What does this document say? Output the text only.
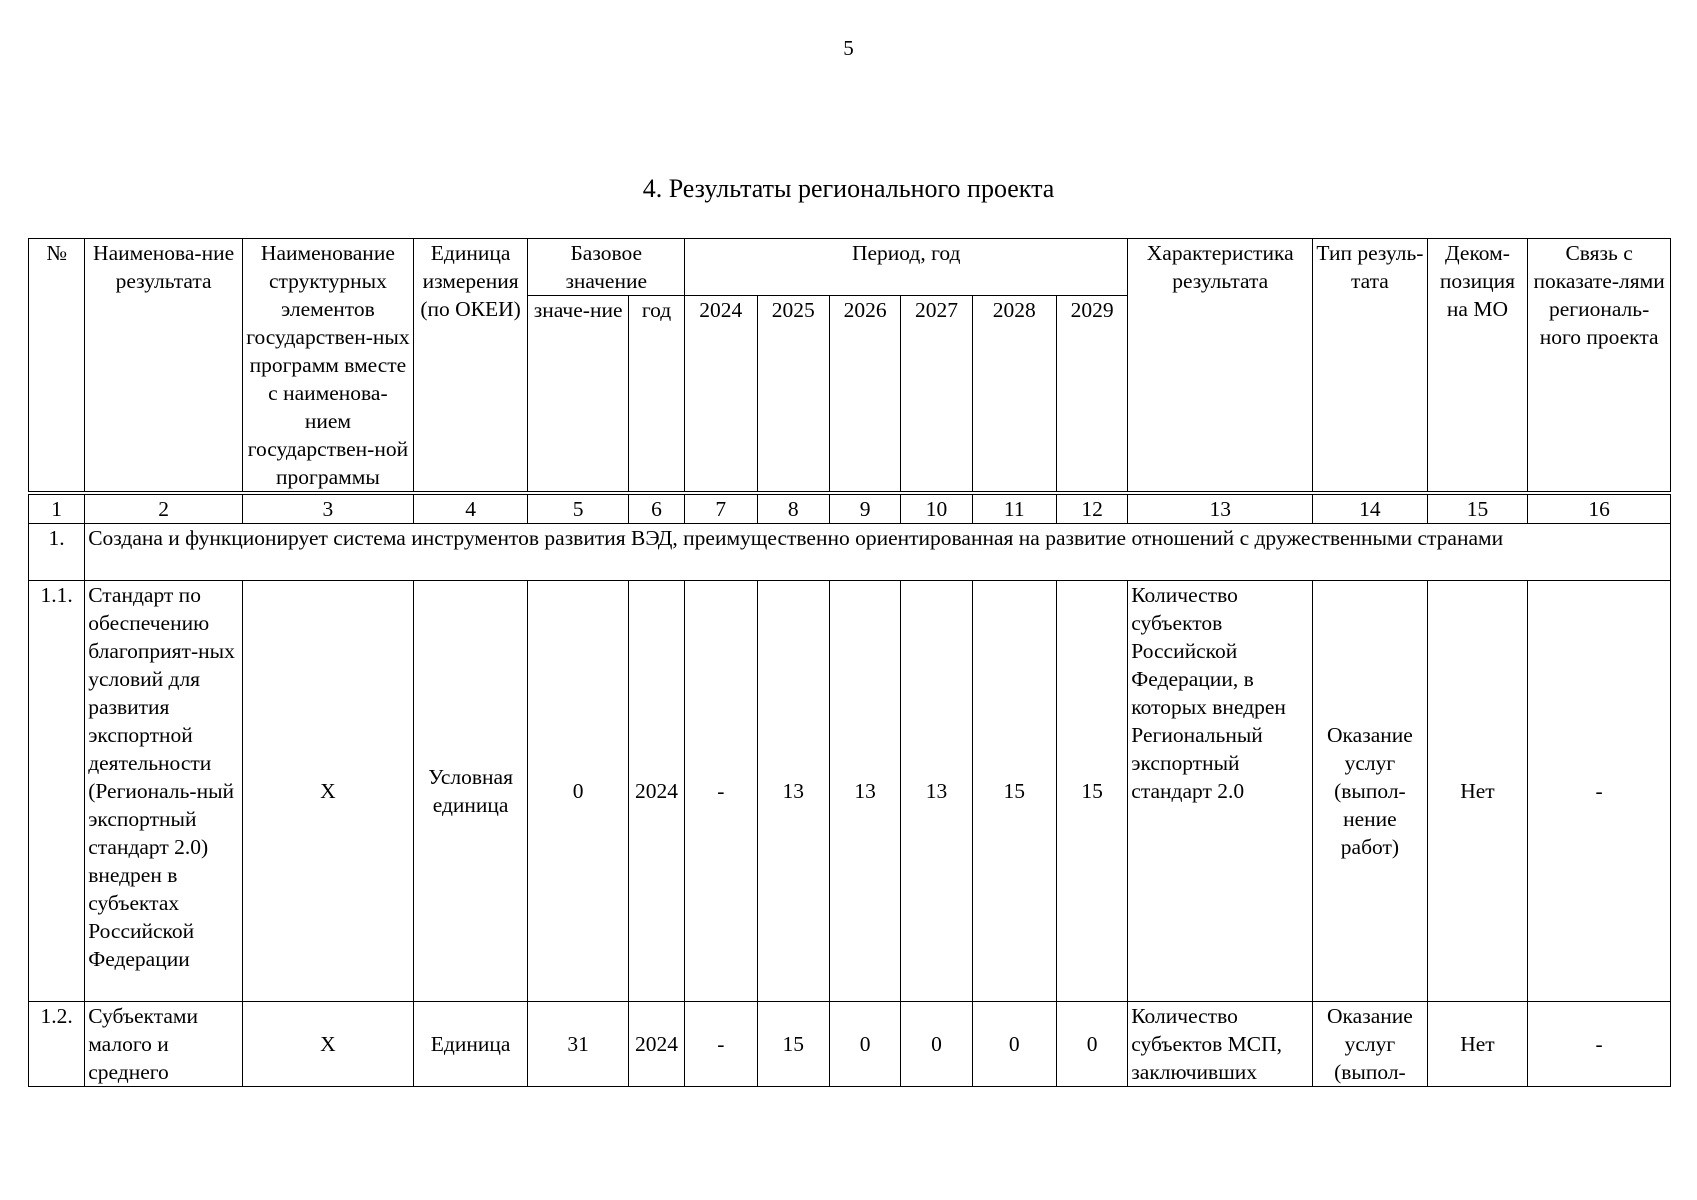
5
4. Результаты регионального проекта
№	Наименова-ние результата	Наименование структурных элементов государствен-ных программ вместе с наименова-нием государствен-ной программы	Единица измерения (по ОКЕИ)	Базовое значение		Период, год						Характеристика результата	Тип резуль-тата	Деком-позиция на МО	Связь с показате-лями региональ-ного проекта
				значе-ние	год	2024	2025	2026	2027	2028	2029				

1	2	3	4	5	6	7	8	9	10	11	12	13	14	15	16
1.	Создана и функционирует система инструментов развития ВЭД, преимущественно ориентированная на развитие отношений с дружественными странами														
1.1.	Стандарт по обеспечению благоприят-ных условий для развития экспортной деятельности (Региональ-ный экспортный стандарт 2.0) внедрен в субъектах Российской Федерации	X	Условная единица	0	2024	-	13	13	13	15	15	Количество субъектов Российской Федерации, в которых внедрен Региональный экспортный стандарт 2.0	Оказание услуг (выпол-нение работ)	Нет	-
1.2.	Субъектами малого и среднего	X	Единица	31	2024	-	15	0	0	0	0	Количество субъектов МСП, заключивших	Оказание услуг (выпол-	Нет	-
